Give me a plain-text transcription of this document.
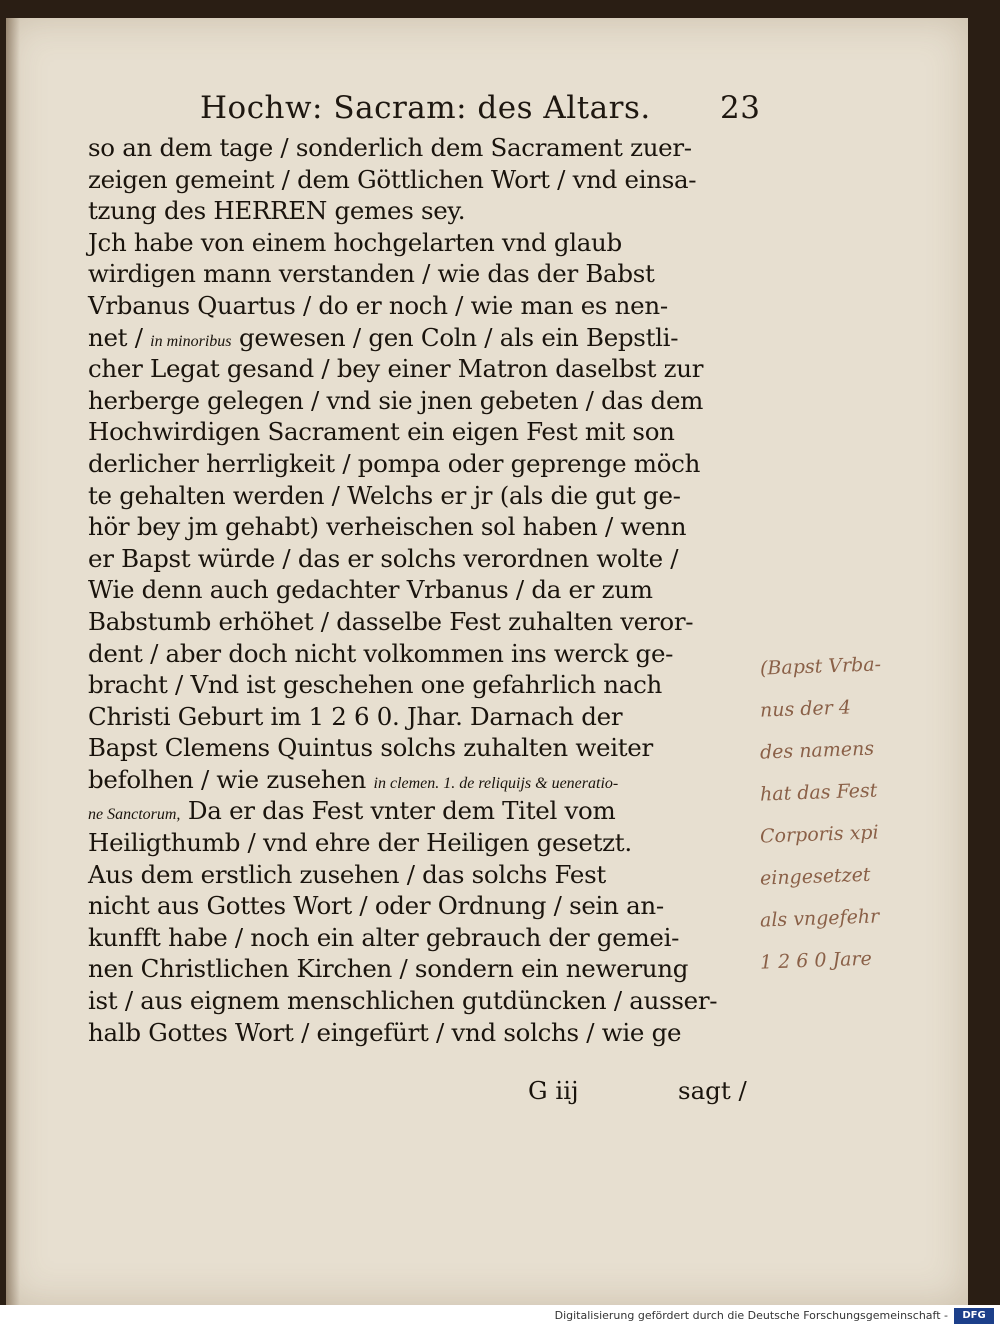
Hochw: Sacram: des Altars. 23
so an dem tage / sonderlich dem Sacrament zuer-
zeigen gemeint / dem Göttlichen Wort / vnd einsa-
tzung des HERREN gemes sey.
Jch habe von einem hochgelarten vnd glaub
wirdigen mann verstanden / wie das der Babst
Vrbanus Quartus / do er noch / wie man es nen-
net / in minoribus gewesen / gen Coln / als ein Bepstli-
cher Legat gesand / bey einer Matron daselbst zur
herberge gelegen / vnd sie jnen gebeten / das dem
Hochwirdigen Sacrament ein eigen Fest mit son
derlicher herrligkeit / pompa oder geprenge möch
te gehalten werden / Welchs er jr (als die gut ge-
hör bey jm gehabt) verheischen sol haben / wenn
er Bapst würde / das er solchs verordnen wolte /
Wie denn auch gedachter Vrbanus / da er zum
Babstumb erhöhet / dasselbe Fest zuhalten veror-
dent / aber doch nicht volkommen ins werck ge-
bracht / Vnd ist geschehen one gefahrlich nach
Christi Geburt im 1 2 6 0. Jhar. Darnach der
Bapst Clemens Quintus solchs zuhalten weiter
befolhen / wie zusehen in clemen. 1. de reliquijs & ueneratio-
ne Sanctorum, Da er das Fest vnter dem Titel vom
Heiligthumb / vnd ehre der Heiligen gesetzt.
Aus dem erstlich zusehen / das solchs Fest
nicht aus Gottes Wort / oder Ordnung / sein an-
kunfft habe / noch ein alter gebrauch der gemei-
nen Christlichen Kirchen / sondern ein newerung
ist / aus eignem menschlichen gutdüncken / ausser-
halb Gottes Wort / eingefürt / vnd solchs / wie ge
G iij	sagt /
(Bapst Vrba-
nus der 4
des namens
hat das Fest
Corporis xpi
eingesetzet
als vngefehr
1 2 6 0 Jare
Digitalisierung gefördert durch die Deutsche Forschungsgemeinschaft -	DFG
